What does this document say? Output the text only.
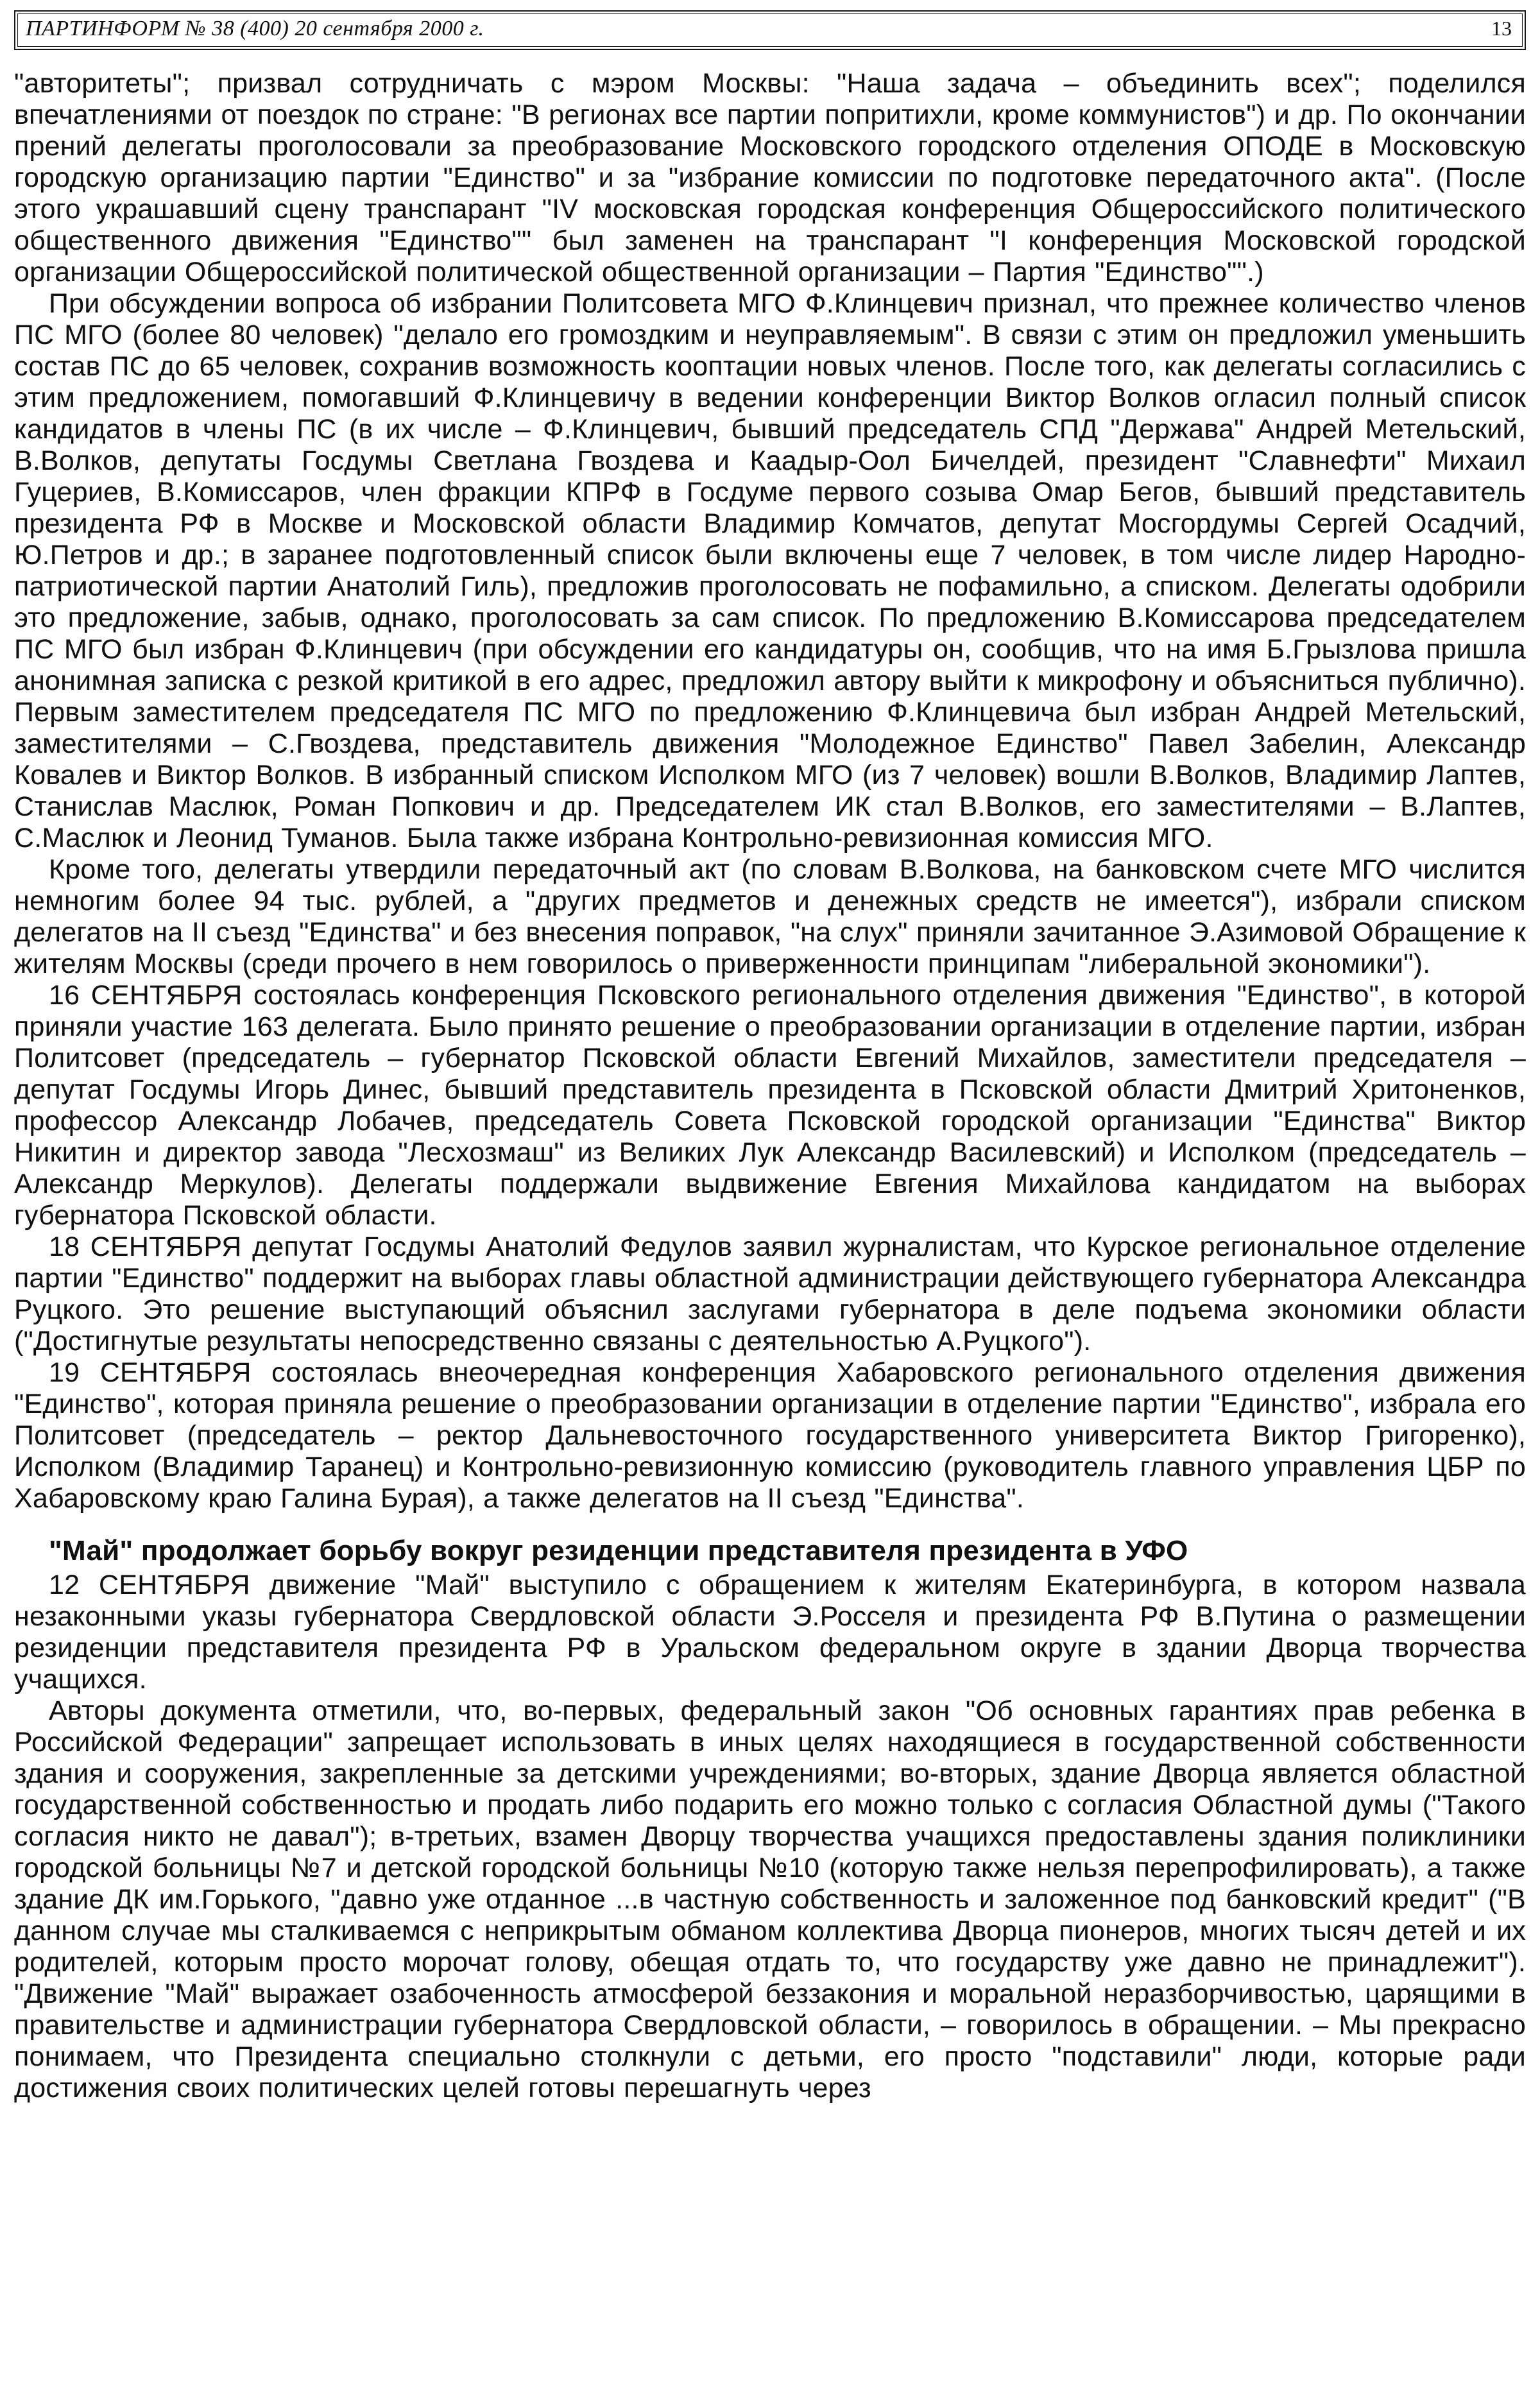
ПАРТИНФОРМ № 38 (400) 20 сентября 2000 г.	13

"авторитеты"; призвал сотрудничать с мэром Москвы: "Наша задача – объединить всех"; поделился впечатлениями от поездок по стране: "В регионах все партии попритихли, кроме коммунистов") и др. По окончании прений делегаты проголосовали за преобразование Московского городского отделения ОПОДЕ в Московскую городскую организацию партии "Единство" и за "избрание комиссии по подготовке передаточного акта". (После этого украшавший сцену транспарант "IV московская городская конференция Общероссийского политического общественного движения "Единство"" был заменен на транспарант "I конференция Московской городской организации Общероссийской политической общественной организации – Партия "Единство"".)

При обсуждении вопроса об избрании Политсовета МГО Ф.Клинцевич признал, что прежнее количество членов ПС МГО (более 80 человек) "делало его громоздким и неуправляемым". В связи с этим он предложил уменьшить состав ПС до 65 человек, сохранив возможность кооптации новых членов. После того, как делегаты согласились с этим предложением, помогавший Ф.Клинцевичу в ведении конференции Виктор Волков огласил полный список кандидатов в члены ПС (в их числе – Ф.Клинцевич, бывший председатель СПД "Держава" Андрей Метельский, В.Волков, депутаты Госдумы Светлана Гвоздева и Каадыр-Оол Бичелдей, президент "Славнефти" Михаил Гуцериев, В.Комиссаров, член фракции КПРФ в Госдуме первого созыва Омар Бегов, бывший представитель президента РФ в Москве и Московской области Владимир Комчатов, депутат Мосгордумы Сергей Осадчий, Ю.Петров и др.; в заранее подготовленный список были включены еще 7 человек, в том числе лидер Народно-патриотической партии Анатолий Гиль), предложив проголосовать не пофамильно, а списком. Делегаты одобрили это предложение, забыв, однако, проголосовать за сам список. По предложению В.Комиссарова председателем ПС МГО был избран Ф.Клинцевич (при обсуждении его кандидатуры он, сообщив, что на имя Б.Грызлова пришла анонимная записка с резкой критикой в его адрес, предложил автору выйти к микрофону и объясниться публично). Первым заместителем председателя ПС МГО по предложению Ф.Клинцевича был избран Андрей Метельский, заместителями – С.Гвоздева, представитель движения "Молодежное Единство" Павел Забелин, Александр Ковалев и Виктор Волков. В избранный списком Исполком МГО (из 7 человек) вошли В.Волков, Владимир Лаптев, Станислав Маслюк, Роман Попкович и др. Председателем ИК стал В.Волков, его заместителями – В.Лаптев, С.Маслюк и Леонид Туманов. Была также избрана Контрольно-ревизионная комиссия МГО.

Кроме того, делегаты утвердили передаточный акт (по словам В.Волкова, на банковском счете МГО числится немногим более 94 тыс. рублей, а "других предметов и денежных средств не имеется"), избрали списком делегатов на II съезд "Единства" и без внесения поправок, "на слух" приняли зачитанное Э.Азимовой Обращение к жителям Москвы (среди прочего в нем говорилось о приверженности принципам "либеральной экономики").

16 СЕНТЯБРЯ состоялась конференция Псковского регионального отделения движения "Единство", в которой приняли участие 163 делегата. Было принято решение о преобразовании организации в отделение партии, избран Политсовет (председатель – губернатор Псковской области Евгений Михайлов, заместители председателя – депутат Госдумы Игорь Динес, бывший представитель президента в Псковской области Дмитрий Хритоненков, профессор Александр Лобачев, председатель Совета Псковской городской организации "Единства" Виктор Никитин и директор завода "Лесхозмаш" из Великих Лук Александр Василевский) и Исполком (председатель – Александр Меркулов). Делегаты поддержали выдвижение Евгения Михайлова кандидатом на выборах губернатора Псковской области.

18 СЕНТЯБРЯ депутат Госдумы Анатолий Федулов заявил журналистам, что Курское региональное отделение партии "Единство" поддержит на выборах главы областной администрации действующего губернатора Александра Руцкого. Это решение выступающий объяснил заслугами губернатора в деле подъема экономики области ("Достигнутые результаты непосредственно связаны с деятельностью А.Руцкого").

19 СЕНТЯБРЯ состоялась внеочередная конференция Хабаровского регионального отделения движения "Единство", которая приняла решение о преобразовании организации в отделение партии "Единство", избрала его Политсовет (председатель – ректор Дальневосточного государственного университета Виктор Григоренко), Исполком (Владимир Таранец) и Контрольно-ревизионную комиссию (руководитель главного управления ЦБР по Хабаровскому краю Галина Бурая), а также делегатов на II съезд "Единства".

"Май" продолжает борьбу вокруг резиденции представителя президента в УФО

12 СЕНТЯБРЯ движение "Май" выступило с обращением к жителям Екатеринбурга, в котором назвала незаконными указы губернатора Свердловской области Э.Росселя и президента РФ В.Путина о размещении резиденции представителя президента РФ в Уральском федеральном округе в здании Дворца творчества учащихся.

Авторы документа отметили, что, во-первых, федеральный закон "Об основных гарантиях прав ребенка в Российской Федерации" запрещает использовать в иных целях находящиеся в государственной собственности здания и сооружения, закрепленные за детскими учреждениями; во-вторых, здание Дворца является областной государственной собственностью и продать либо подарить его можно только с согласия Областной думы ("Такого согласия никто не давал"); в-третьих, взамен Дворцу творчества учащихся предоставлены здания поликлиники городской больницы №7 и детской городской больницы №10 (которую также нельзя перепрофилировать), а также здание ДК им.Горького, "давно уже отданное ...в частную собственность и заложенное под банковский кредит" ("В данном случае мы сталкиваемся с неприкрытым обманом коллектива Дворца пионеров, многих тысяч детей и их родителей, которым просто морочат голову, обещая отдать то, что государству уже давно не принадлежит"). "Движение "Май" выражает озабоченность атмосферой беззакония и моральной неразборчивостью, царящими в правительстве и администрации губернатора Свердловской области, – говорилось в обращении. – Мы прекрасно понимаем, что Президента специально столкнули с детьми, его просто "подставили" люди, которые ради достижения своих политических целей готовы перешагнуть через
